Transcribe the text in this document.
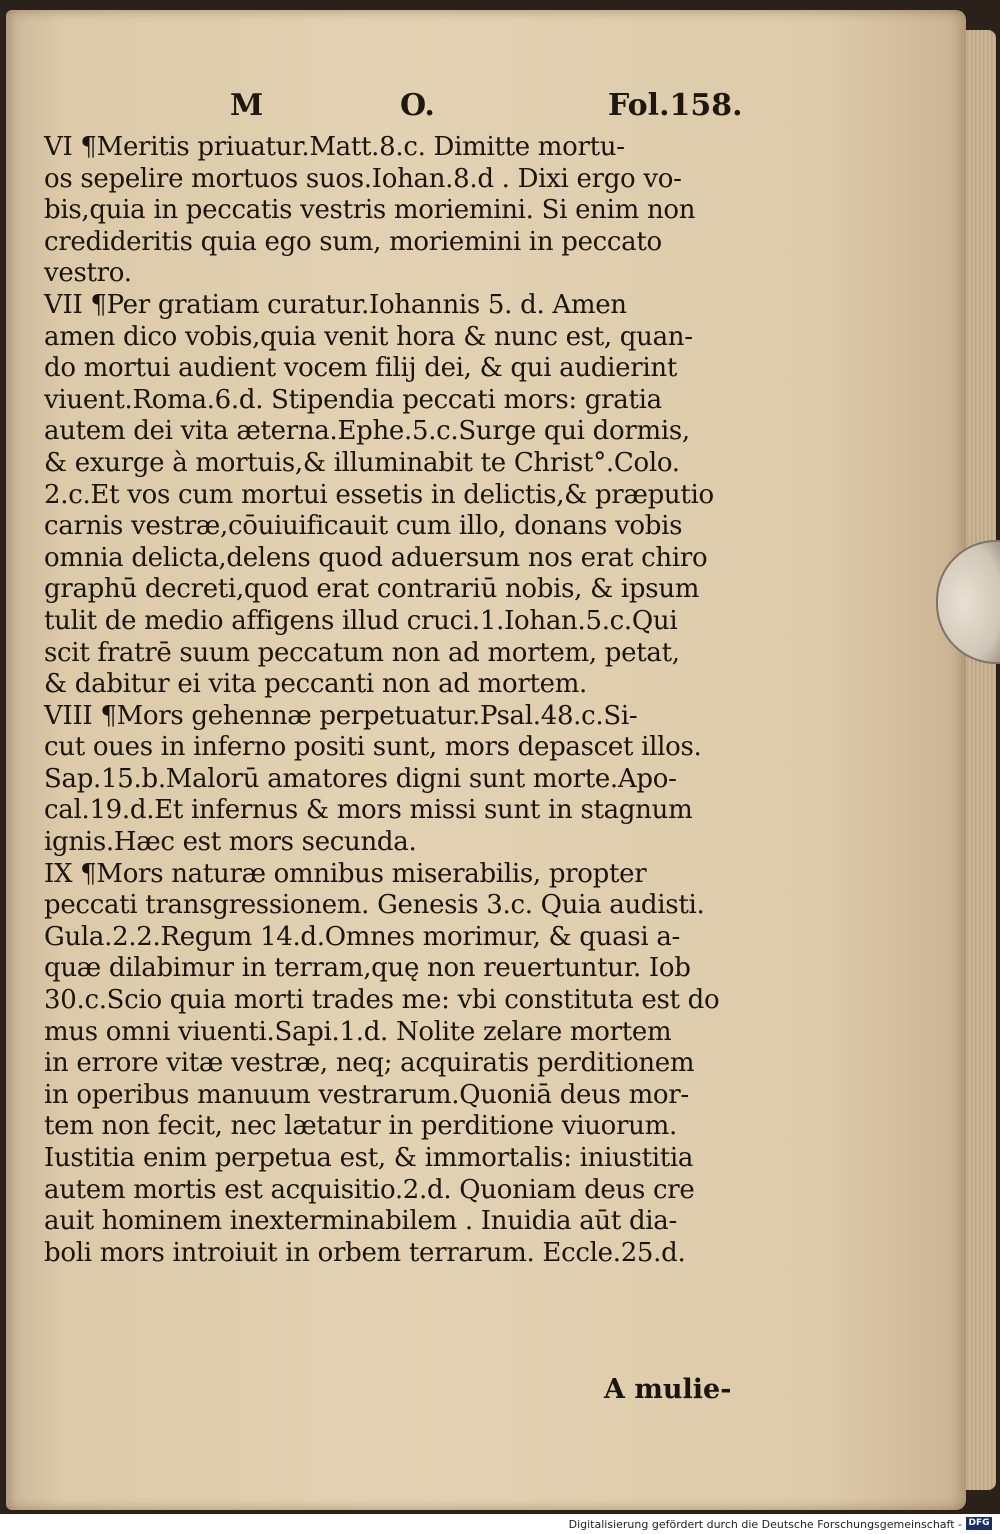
M	O.	Fol.158.
VI ¶Meritis priuatur.Matt.8.c. Dimitte mortu-
os sepelire mortuos suos.Iohan.8.d . Dixi ergo vo-
bis,quia in peccatis vestris moriemini. Si enim non
credideritis quia ego sum, moriemini in peccato
vestro.
VII ¶Per gratiam curatur.Iohannis 5. d. Amen
amen dico vobis,quia venit hora & nunc est, quan-
do mortui audient vocem filij dei, & qui audierint
viuent.Roma.6.d. Stipendia peccati mors: gratia
autem dei vita æterna.Ephe.5.c.Surge qui dormis,
& exurge à mortuis,& illuminabit te Christ°.Colo.
2.c.Et vos cum mortui essetis in delictis,& præputio
carnis vestræ,cōuiuificauit cum illo, donans vobis
omnia delicta,delens quod aduersum nos erat chiro
graphū decreti,quod erat contrariū nobis, & ipsum
tulit de medio affigens illud cruci.1.Iohan.5.c.Qui
scit fratrē suum peccatum non ad mortem, petat,
& dabitur ei vita peccanti non ad mortem.
VIII ¶Mors gehennæ perpetuatur.Psal.48.c.Si-
cut oues in inferno positi sunt, mors depascet illos.
Sap.15.b.Malorū amatores digni sunt morte.Apo-
cal.19.d.Et infernus & mors missi sunt in stagnum
ignis.Hæc est mors secunda.
IX ¶Mors naturæ omnibus miserabilis, propter
peccati transgressionem. Genesis 3.c. Quia audisti.
Gula.2.2.Regum 14.d.Omnes morimur, & quasi a-
quæ dilabimur in terram,quę non reuertuntur. Iob
30.c.Scio quia morti trades me: vbi constituta est do
mus omni viuenti.Sapi.1.d. Nolite zelare mortem
in errore vitæ vestræ, neq; acquiratis perditionem
in operibus manuum vestrarum.Quoniā deus mor-
tem non fecit, nec lætatur in perditione viuorum.
Iustitia enim perpetua est, & immortalis: iniustitia
autem mortis est acquisitio.2.d. Quoniam deus cre
auit hominem inexterminabilem . Inuidia aūt dia-
boli mors introiuit in orbem terrarum. Eccle.25.d.
A mulie-
Digitalisierung gefördert durch die Deutsche Forschungsgemeinschaft - DFG
